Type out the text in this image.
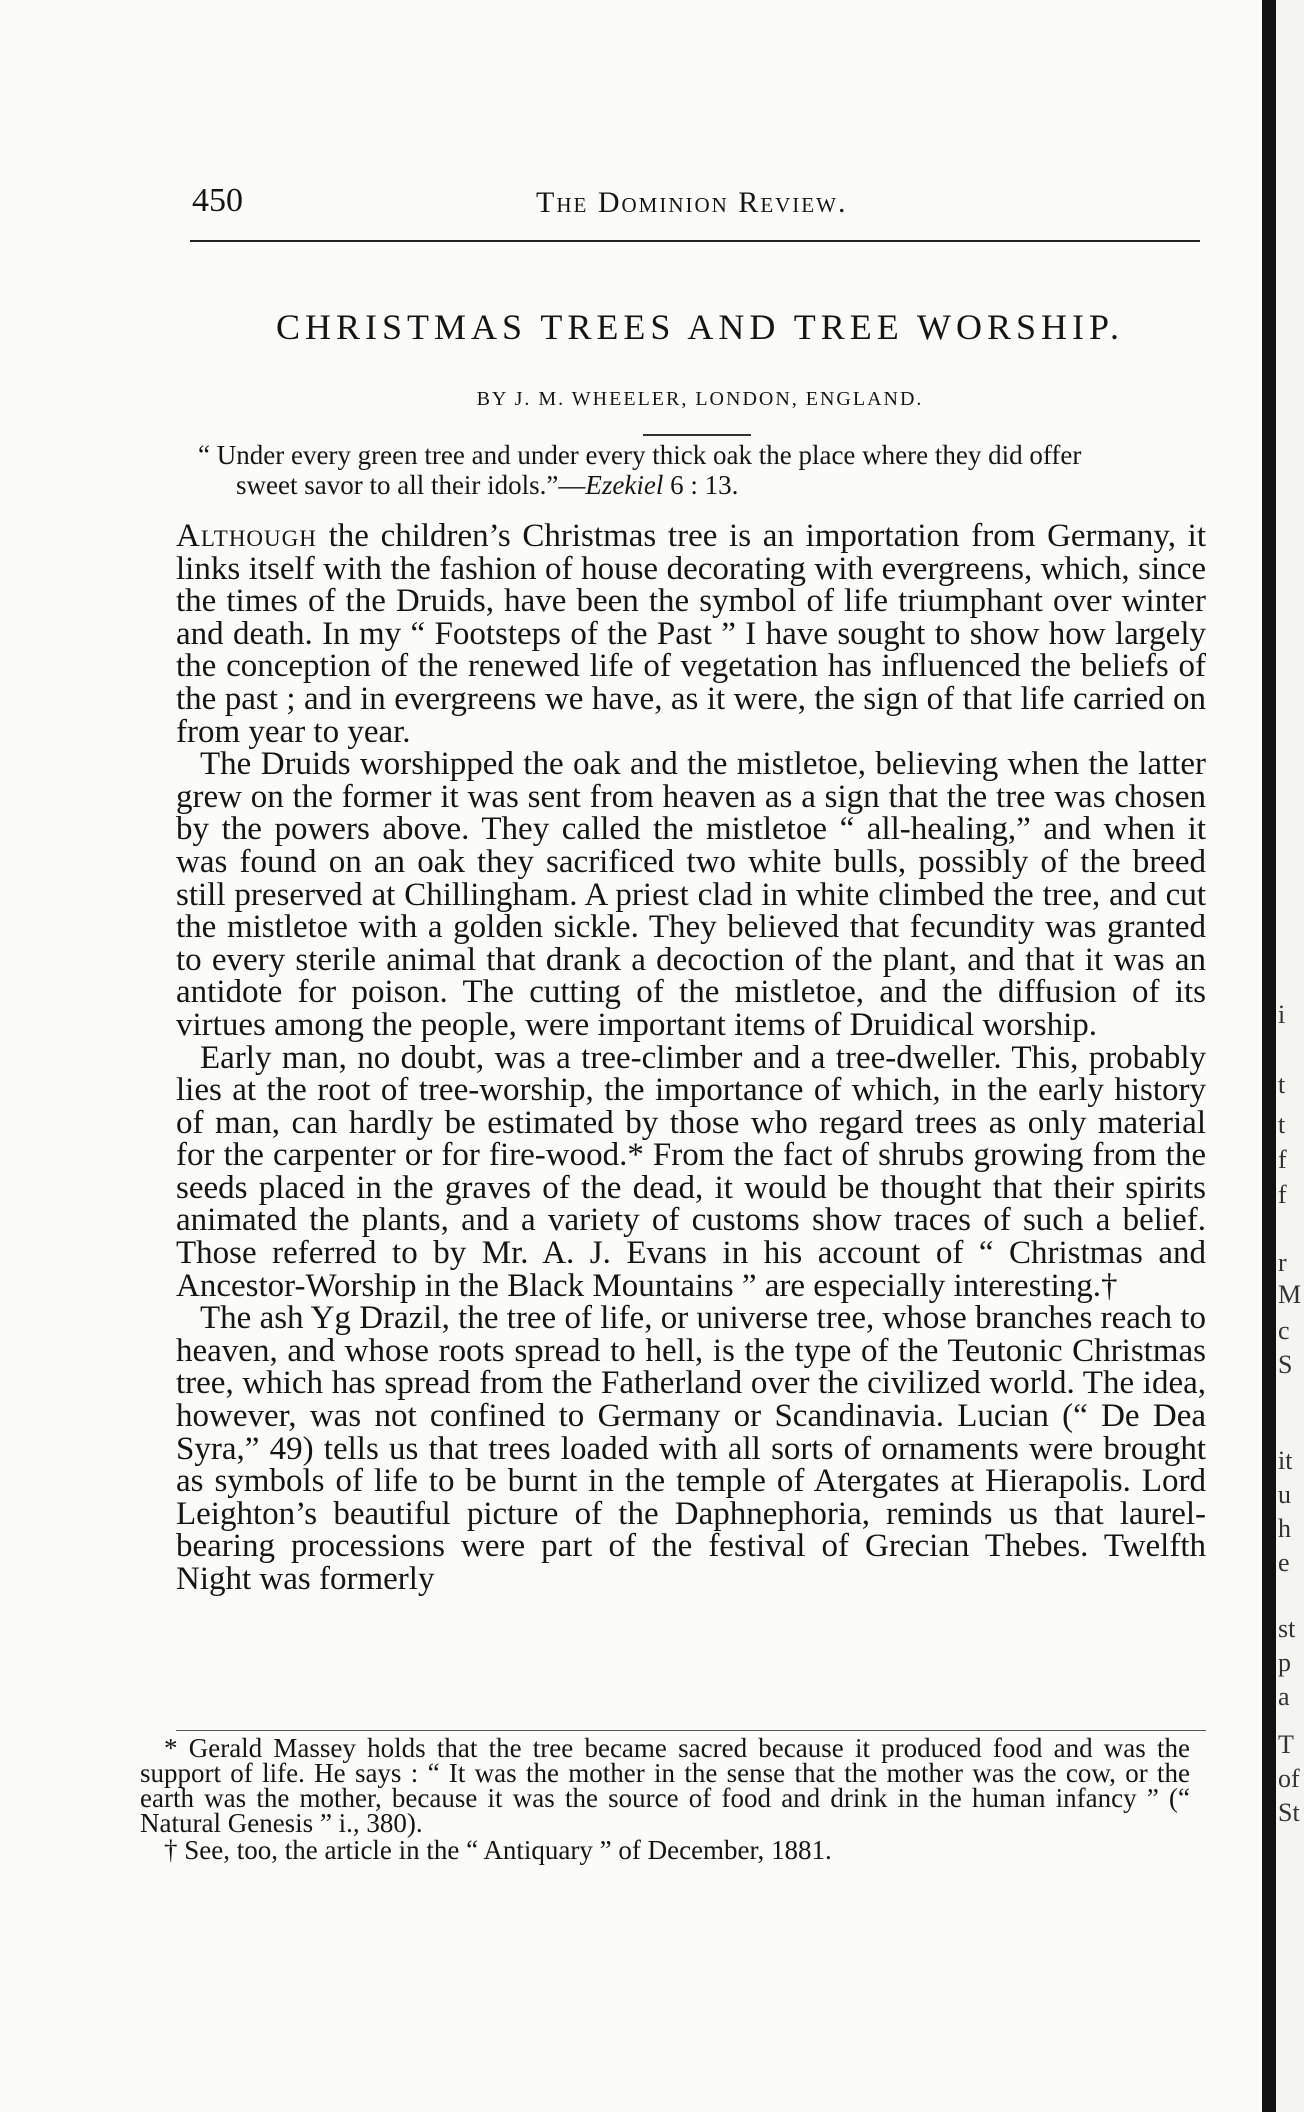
450	The Dominion Review.
CHRISTMAS TREES AND TREE WORSHIP.
BY J. M. WHEELER, LONDON, ENGLAND.
“ Under every green tree and under every thick oak the place where they did offer
sweet savor to all their idols.”—Ezekiel 6 : 13.

Although the children’s Christmas tree is an importation from Germany, it links itself with the fashion of house decorating with evergreens, which, since the times of the Druids, have been the symbol of life triumphant over winter and death. In my “ Footsteps of the Past ” I have sought to show how largely the conception of the renewed life of vegetation has influenced the beliefs of the past ; and in evergreens we have, as it were, the sign of that life carried on from year to year.

The Druids worshipped the oak and the mistletoe, believing when the latter grew on the former it was sent from heaven as a sign that the tree was chosen by the powers above. They called the mistletoe “ all-healing,” and when it was found on an oak they sacrificed two white bulls, possibly of the breed still preserved at Chillingham. A priest clad in white climbed the tree, and cut the mistletoe with a golden sickle. They believed that fecundity was granted to every sterile animal that drank a decoction of the plant, and that it was an antidote for poison. The cutting of the mistletoe, and the diffusion of its virtues among the people, were important items of Druidical worship.

Early man, no doubt, was a tree-climber and a tree-dweller. This, probably lies at the root of tree-worship, the importance of which, in the early history of man, can hardly be estimated by those who regard trees as only material for the carpenter or for fire-wood.* From the fact of shrubs growing from the seeds placed in the graves of the dead, it would be thought that their spirits animated the plants, and a variety of customs show traces of such a belief. Those referred to by Mr. A. J. Evans in his account of “ Christmas and Ancestor-Worship in the Black Mountains ” are especially interesting.†

The ash Yg Drazil, the tree of life, or universe tree, whose branches reach to heaven, and whose roots spread to hell, is the type of the Teutonic Christmas tree, which has spread from the Fatherland over the civilized world. The idea, however, was not confined to Germany or Scandinavia. Lucian (“ De Dea Syra,” 49) tells us that trees loaded with all sorts of ornaments were brought as symbols of life to be burnt in the temple of Atergates at Hierapolis. Lord Leighton’s beautiful picture of the Daphnephoria, reminds us that laurel-bearing processions were part of the festival of Grecian Thebes. Twelfth Night was formerly

* Gerald Massey holds that the tree became sacred because it produced food and was the support of life. He says : “ It was the mother in the sense that the mother was the cow, or the earth was the mother, because it was the source of food and drink in the human infancy ” (“ Natural Genesis ” i., 380).

† See, too, the article in the “ Antiquary ” of December, 1881.

i
t
t
f
f
r
M
c
S
it
u
h
e
st
p
a
T
of
St
